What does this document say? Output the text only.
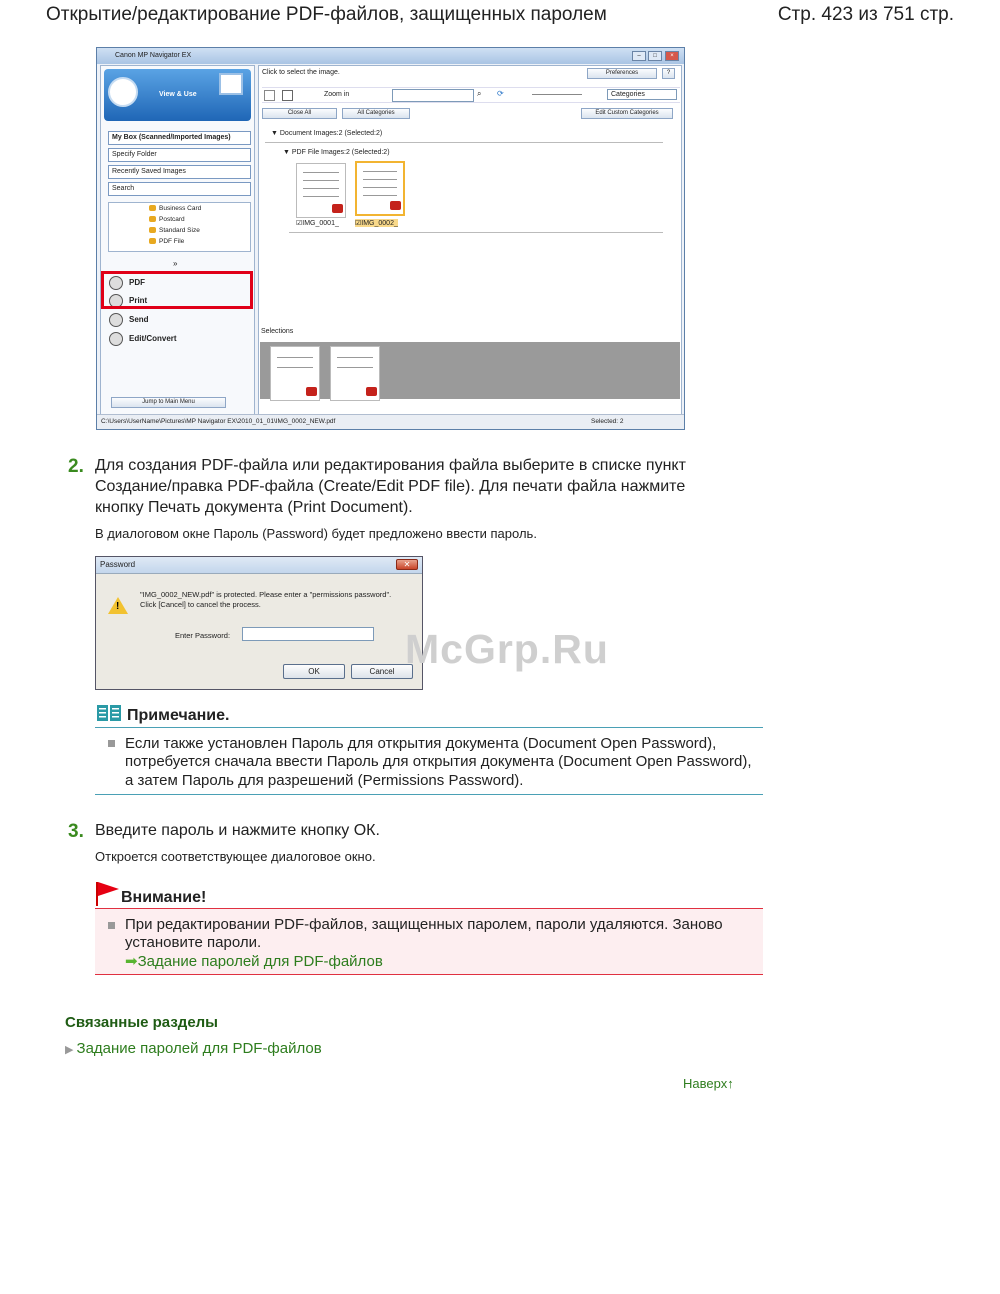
Открытие/редактирование PDF-файлов, защищенных паролем	Стр. 423 из 751 стр.
Canon MP Navigator EX	–	□	×
View & Use
My Box (Scanned/Imported Images)
Specify Folder
Recently Saved Images
Search
Business Card
Postcard
Standard Size
PDF File
»
PDF
Print
Send
Edit/Convert
Jump to Main Menu
Click to select the image.	Preferences	?
Zoom in	⌕ ⟳	Categories
Close All	All Categories	Edit Custom Categories
▼ Document Images:2 (Selected:2)
▼ PDF File Images:2 (Selected:2)
☑IMG_0001_ ☑IMG_0002_
Selections
C:\Users\UserName\Pictures\MP Navigator EX\2010_01_01\IMG_0002_NEW.pdf	Selected: 2
2. Для создания PDF-файла или редактирования файла выберите в списке пункт
Создание/правка PDF-файла (Create/Edit PDF file). Для печати файла нажмите
кнопку Печать документа (Print Document).
В диалоговом окне Пароль (Password) будет предложено ввести пароль.
Password	✕
!
"IMG_0002_NEW.pdf" is protected. Please enter a "permissions password".
Click [Cancel] to cancel the process.
Enter Password:
OK	Cancel McGrp.Ru
Примечание.
Если также установлен Пароль для открытия документа (Document Open Password),
потребуется сначала ввести Пароль для открытия документа (Document Open Password),
а затем Пароль для разрешений (Permissions Password).
3. Введите пароль и нажмите кнопку ОК.
Откроется соответствующее диалоговое окно.
Внимание!
При редактировании PDF-файлов, защищенных паролем, пароли удаляются. Заново
установите пароли.
➡Задание паролей для PDF-файлов
Связанные разделы
▶ Задание паролей для PDF-файлов
Наверх↑
